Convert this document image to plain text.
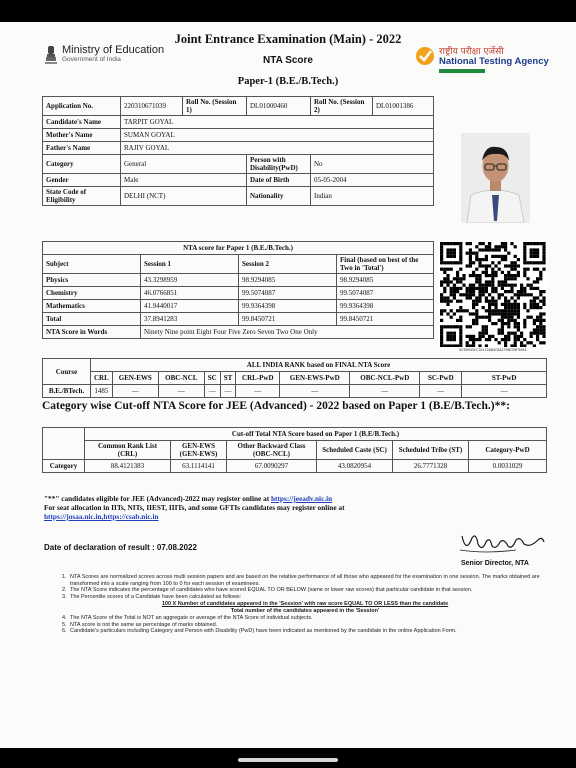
Ministry of Education
Government of India
राष्ट्रीय परीक्षा एजेंसी
National Testing Agency
Joint Entrance Examination (Main) - 2022
NTA Score
Paper-1 (B.E./B.Tech.)
Application No.	220310671039	Roll No. (Session 1)	DL01000460	Roll No. (Session 2)	DL01001386
Candidate's Name	TARPIT GOYAL				
Mother's Name	SUMAN GOYAL				
Father's Name	RAJIV GOYAL				
Category	General		Person with Disability(PwD)	No	
Gender	Male		Date of Birth	05-05-2004	
State Code of Eligibility	DELHI (NCT)		Nationality	Indian	
NTA score for Paper 1 (B.E./B.Tech.)			
Subject	Session 1	Session 2	Final (based on best of the Two in 'Total')
Physics	43.3298959	98.9294085	98.9294085
Chemistry	46.0766851	99.5074087	99.5074087
Mathematics	41.9440017	99.9364398	99.9364398
Total	37.8941283	99.8450721	99.8450721
NTA Score in Words	Ninety Nine point Eight Four Five Zero Seven Two One Only		
0C9D943CC76112AB4C8A17DBC59F5681
Course	ALL INDIA RANK based on FINAL NTA Score									
	CRL	GEN-EWS	OBC-NCL	SC	ST	CRL-PwD	GEN-EWS-PwD	OBC-NCL-PwD	SC-PwD	ST-PwD
B.E./BTech.	1485	—	—	—	—	—	—	—	—	—
Category wise Cut-off NTA Score for JEE (Advanced) - 2022 based on Paper 1 (B.E/B.Tech.)**:
	Cut-off Total NTA Score based on Paper 1 (B.E/B.Tech.)					
	Common Rank List (CRL)	GEN-EWS (GEN-EWS)	Other Backward Class (OBC-NCL)	Scheduled Caste (SC)	Scheduled Tribe (ST)	Category-PwD
Category	88.4121383	63.1114141	67.0090297	43.0820954	26.7771328	0.0031029
"**" candidates eligible for JEE (Advanced)-2022 may register online at https://jeeadv.nic.in
For seat allocation in IITs, NITs, IIEST, IIITs, and some GFTIs candidates may register online at
https://josaa.nic.in,https://csab.nic.in
Date of declaration of result : 07.08.2022
Senior Director, NTA
1. NTA Scores are normalized scores across multi session papers and are based on the relative performance of all those who appeared for the examination in one session. The marks obtained are transformed into a scale ranging from 100 to 0 for each session of examinees.
2. The NTA Score indicates the percentage of candidates who have scored EQUAL TO OR BELOW (same or lower raw scores) that particular candidate in that session.
3. The Percentile scores of a Candidate have been calculated as follows:
100 X Number of candidates appeared in the 'Session' with raw score EQUAL TO OR LESS than the candidate
Total number of the candidates appeared in the 'Session'
4. The NTA Score of the Total is NOT an aggregate or average of the NTA Score of individual subjects.
5. NTA score is not the same as percentage of marks obtained.
6. Candidate's particulars including Category and Person with Disability (PwD) have been indicated as mentioned by the candidate in the online Application Form.
